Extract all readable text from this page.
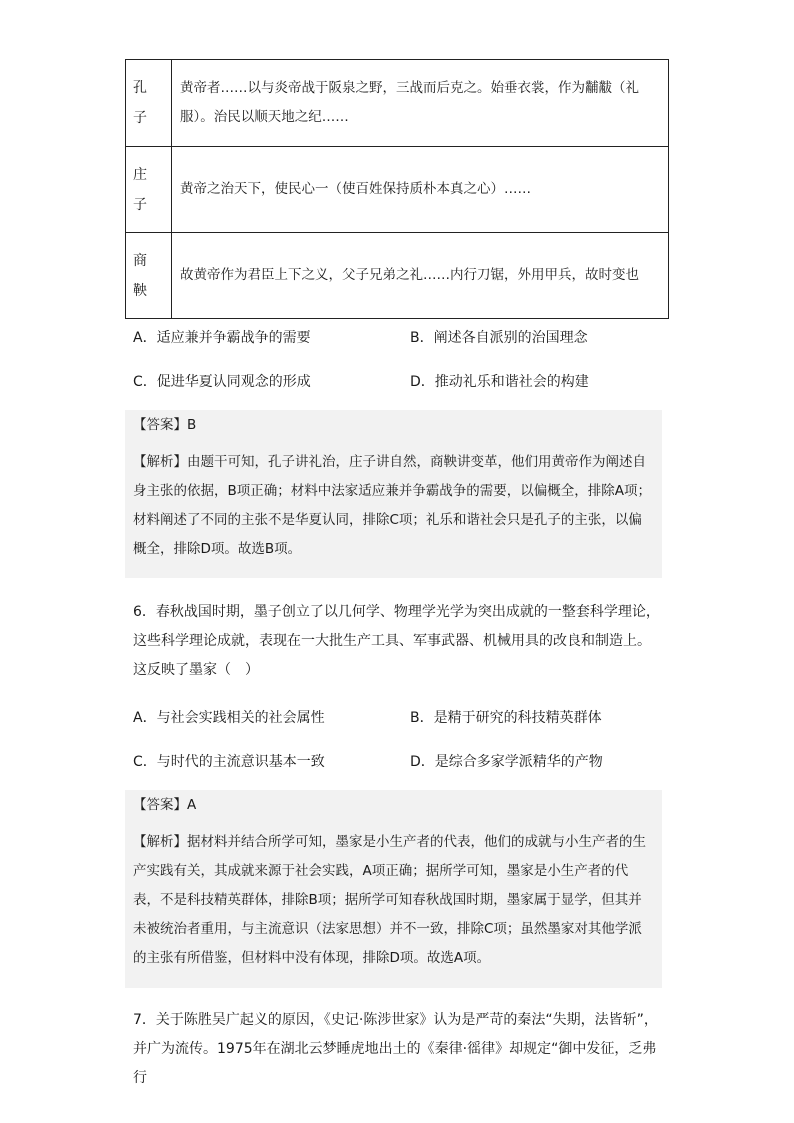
孔
子	黄帝者……以与炎帝战于阪泉之野，三战而后克之。始垂衣裳，作为黼黻（礼服）。治民以顺天地之纪……

庄
子	黄帝之治天下，使民心一（使百姓保持质朴本真之心）……

商
鞅	故黄帝作为君臣上下之义，父子兄弟之礼……内行刀锯，外用甲兵，故时变也
A．适应兼并争霸战争的需要	B．阐述各自派别的治国理念
C．促进华夏认同观念的形成	D．推动礼乐和谐社会的构建
【答案】B
【解析】由题干可知，孔子讲礼治，庄子讲自然，商鞅讲变革，他们用黄帝作为阐述自身主张的依据，B项正确；材料中法家适应兼并争霸战争的需要，以偏概全，排除A项；材料阐述了不同的主张不是华夏认同，排除C项；礼乐和谐社会只是孔子的主张，以偏概全，排除D项。故选B项。
6．春秋战国时期，墨子创立了以几何学、物理学光学为突出成就的一整套科学理论，这些科学理论成就，表现在一大批生产工具、军事武器、机械用具的改良和制造上。这反映了墨家（　）
A．与社会实践相关的社会属性	B．是精于研究的科技精英群体
C．与时代的主流意识基本一致	D．是综合多家学派精华的产物
【答案】A
【解析】据材料并结合所学可知，墨家是小生产者的代表，他们的成就与小生产者的生产实践有关，其成就来源于社会实践，A项正确；据所学可知，墨家是小生产者的代表，不是科技精英群体，排除B项；据所学可知春秋战国时期，墨家属于显学，但其并未被统治者重用，与主流意识（法家思想）并不一致，排除C项；虽然墨家对其他学派的主张有所借鉴，但材料中没有体现，排除D项。故选A项。
7．关于陈胜吴广起义的原因，《史记·陈涉世家》认为是严苛的秦法“失期，法皆斩”，并广为流传。1975年在湖北云梦睡虎地出土的《秦律·徭律》却规定“御中发征，乏弗行
